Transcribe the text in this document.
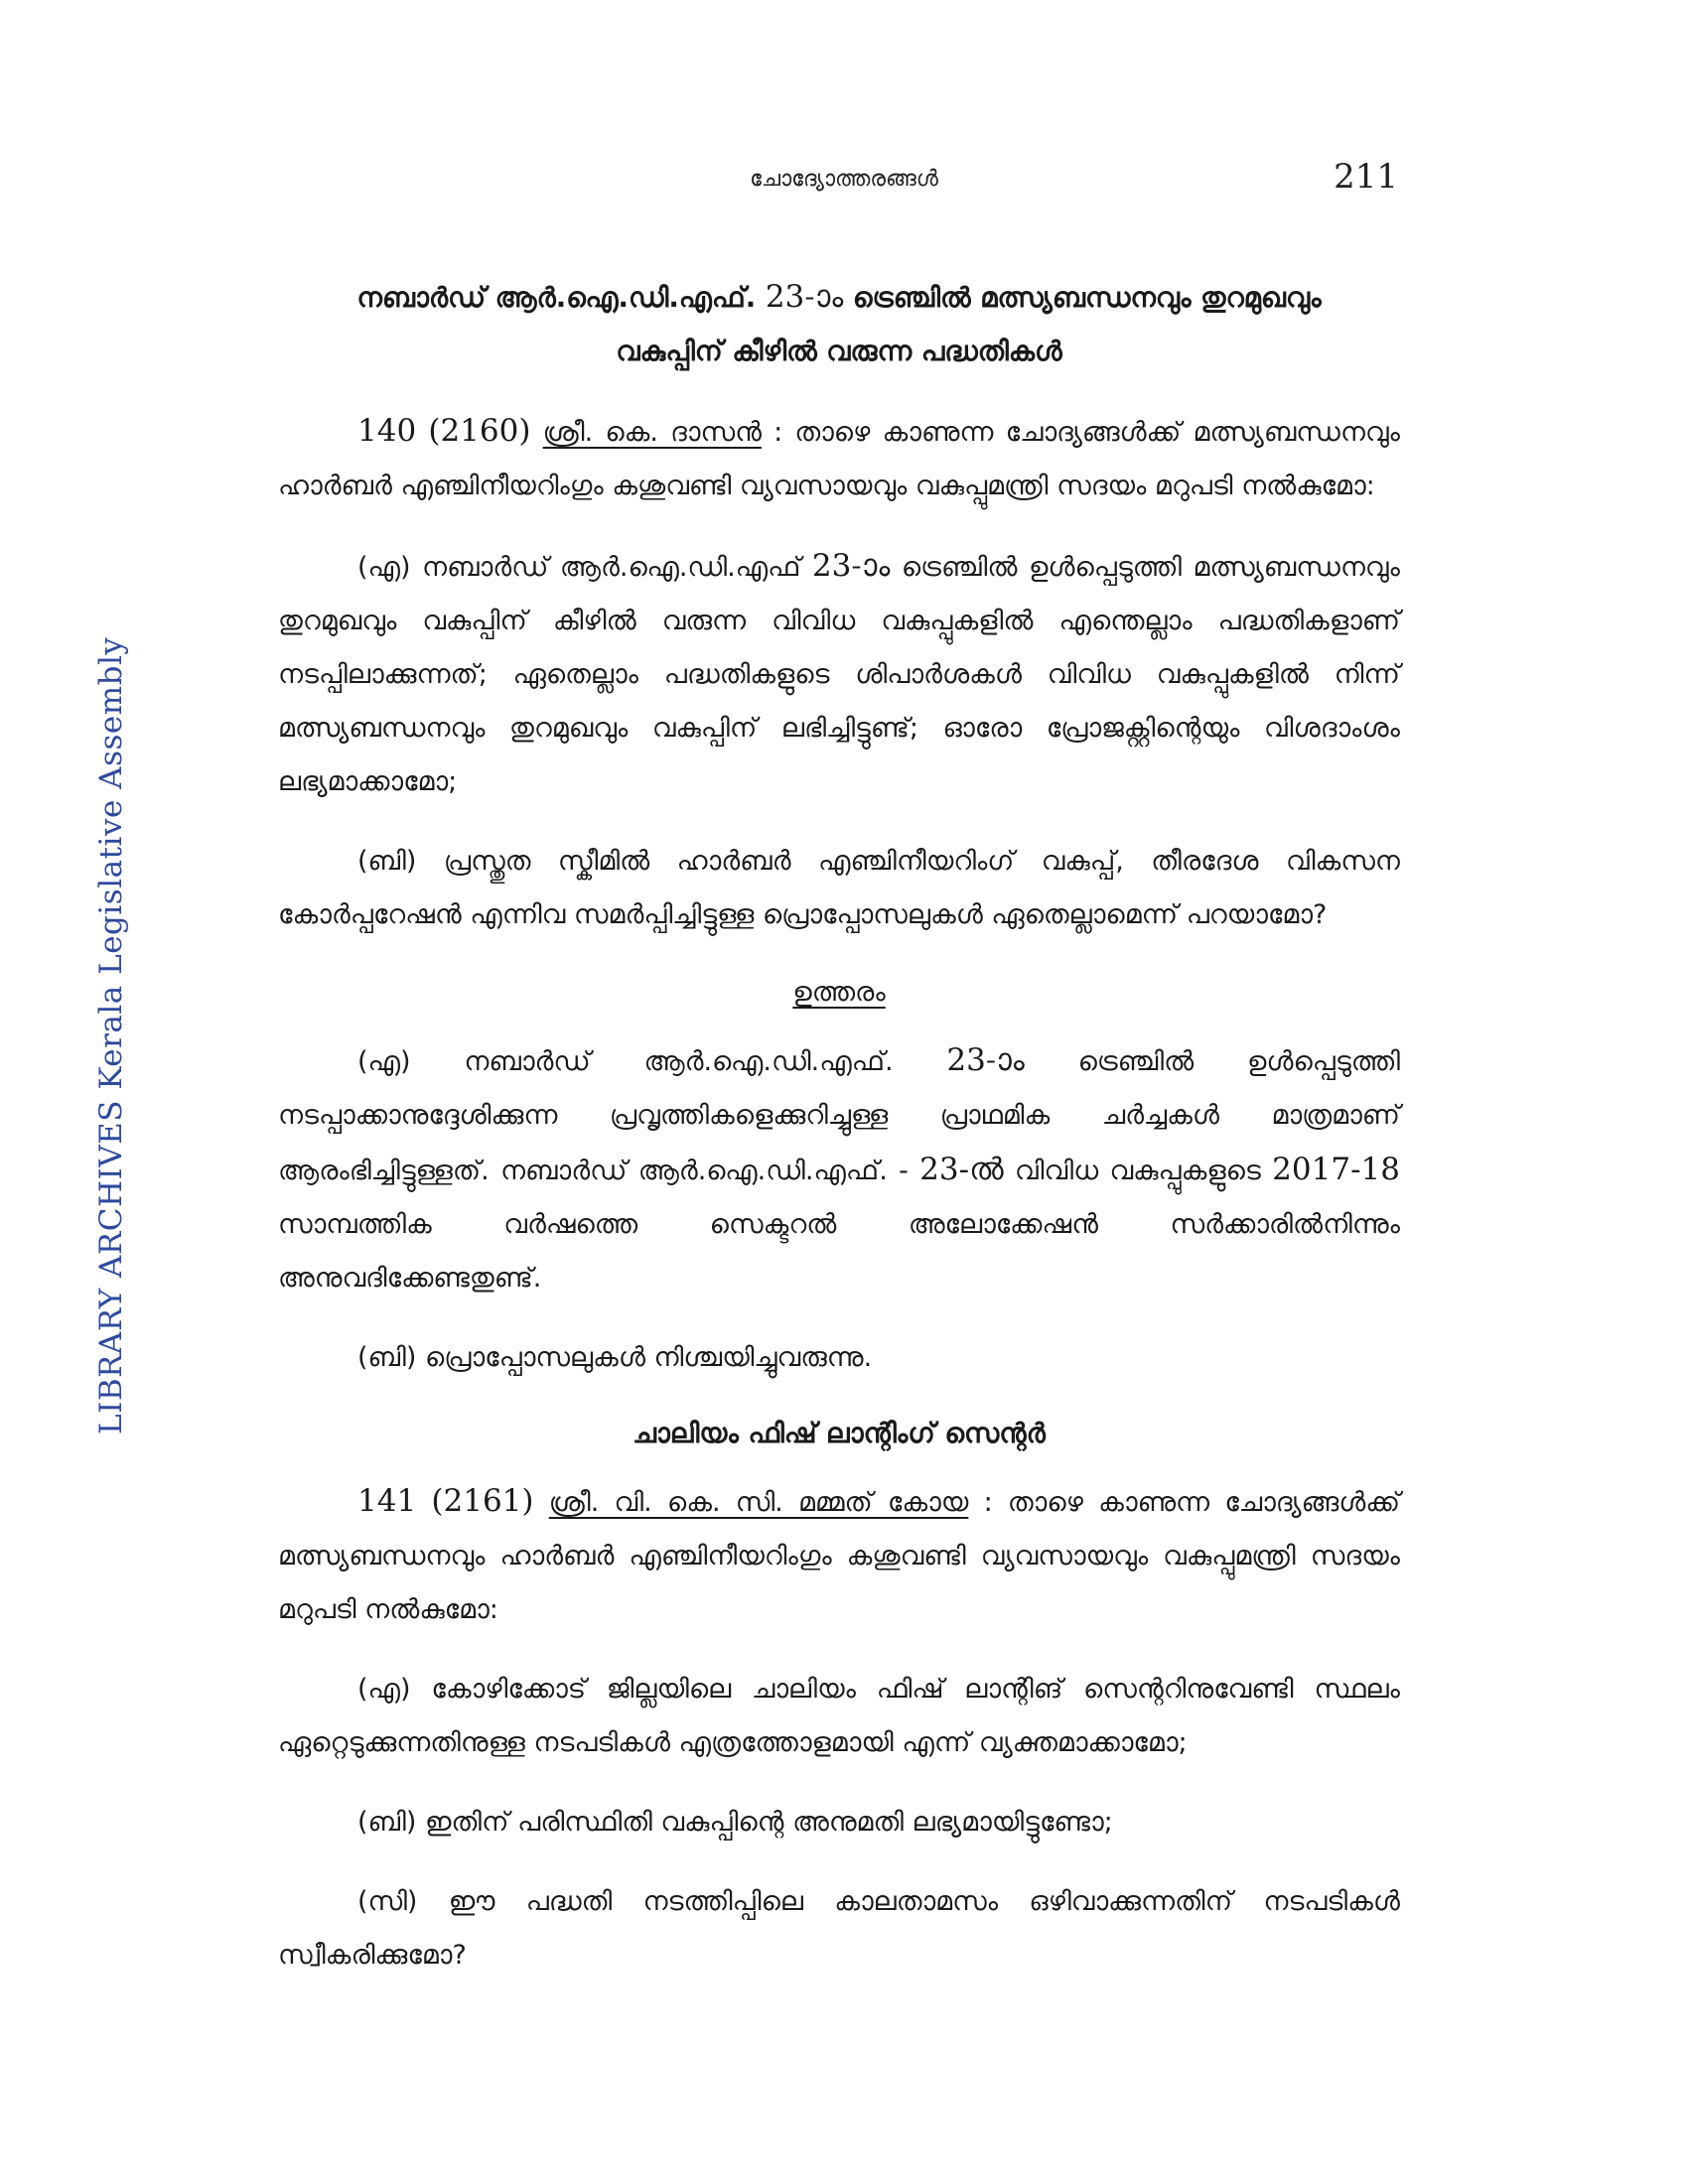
LIBRARY ARCHIVES Kerala Legislative Assembly
ചോദ്യോത്തരങ്ങൾ	211
നബാർഡ് ആർ.ഐ.ഡി.എഫ്. 23-ാം ട്രെഞ്ചിൽ മത്സ്യബന്ധനവും തുറമുഖവും
വകുപ്പിന് കീഴിൽ വരുന്ന പദ്ധതികൾ

140 (2160) ശ്രീ. കെ. ദാസൻ : താഴെ കാണുന്ന ചോദ്യങ്ങൾക്ക് മത്സ്യബന്ധനവും ഹാർബർ എഞ്ചിനീയറിംഗും കശുവണ്ടി വ്യവസായവും വകുപ്പുമന്ത്രി സദയം മറുപടി നൽകുമോ:

(എ) നബാർഡ് ആർ.ഐ.ഡി.എഫ് 23-ാം ട്രെഞ്ചിൽ ഉൾപ്പെടുത്തി മത്സ്യബന്ധനവും തുറമുഖവും വകുപ്പിന് കീഴിൽ വരുന്ന വിവിധ വകുപ്പുകളിൽ എന്തെല്ലാം പദ്ധതികളാണ് നടപ്പിലാക്കുന്നത്; ഏതെല്ലാം പദ്ധതികളുടെ ശിപാർശകൾ വിവിധ വകുപ്പുകളിൽ നിന്ന് മത്സ്യബന്ധനവും തുറമുഖവും വകുപ്പിന് ലഭിച്ചിട്ടുണ്ട്; ഓരോ പ്രോജക്റ്റിന്റെയും വിശദാംശം ലഭ്യമാക്കാമോ;

(ബി) പ്രസ്തുത സ്കീമിൽ ഹാർബർ എഞ്ചിനീയറിംഗ് വകുപ്പ്, തീരദേശ വികസന കോർപ്പറേഷൻ എന്നിവ സമർപ്പിച്ചിട്ടുള്ള പ്രൊപ്പോസലുകൾ ഏതെല്ലാമെന്ന് പറയാമോ?

ഉത്തരം

(എ) നബാർഡ് ആർ.ഐ.ഡി.എഫ്. 23-ാം ട്രെഞ്ചിൽ ഉൾപ്പെടുത്തി നടപ്പാക്കാനുദ്ദേശിക്കുന്ന പ്രവൃത്തികളെക്കുറിച്ചുള്ള പ്രാഥമിക ചർച്ചകൾ മാത്രമാണ് ആരംഭിച്ചിട്ടുള്ളത്. നബാർഡ് ആർ.ഐ.ഡി.എഫ്. - 23-ൽ വിവിധ വകുപ്പുകളുടെ 2017-18 സാമ്പത്തിക വർഷത്തെ സെക്ടറൽ അലോക്കേഷൻ സർക്കാരിൽനിന്നും അനുവദിക്കേണ്ടതുണ്ട്.

(ബി) പ്രൊപ്പോസലുകൾ നിശ്ചയിച്ചുവരുന്നു.

ചാലിയം ഫിഷ് ലാന്റിംഗ് സെന്റർ

141 (2161) ശ്രീ. വി. കെ. സി. മമ്മത് കോയ : താഴെ കാണുന്ന ചോദ്യങ്ങൾക്ക് മത്സ്യബന്ധനവും ഹാർബർ എഞ്ചിനീയറിംഗും കശുവണ്ടി വ്യവസായവും വകുപ്പുമന്ത്രി സദയം മറുപടി നൽകുമോ:

(എ) കോഴിക്കോട് ജില്ലയിലെ ചാലിയം ഫിഷ് ലാന്റിങ് സെന്ററിനുവേണ്ടി സ്ഥലം ഏറ്റെടുക്കുന്നതിനുള്ള നടപടികൾ എത്രത്തോളമായി എന്ന് വ്യക്തമാക്കാമോ;

(ബി) ഇതിന് പരിസ്ഥിതി വകുപ്പിന്റെ അനുമതി ലഭ്യമായിട്ടുണ്ടോ;

(സി) ഈ പദ്ധതി നടത്തിപ്പിലെ കാലതാമസം ഒഴിവാക്കുന്നതിന് നടപടികൾ സ്വീകരിക്കുമോ?
